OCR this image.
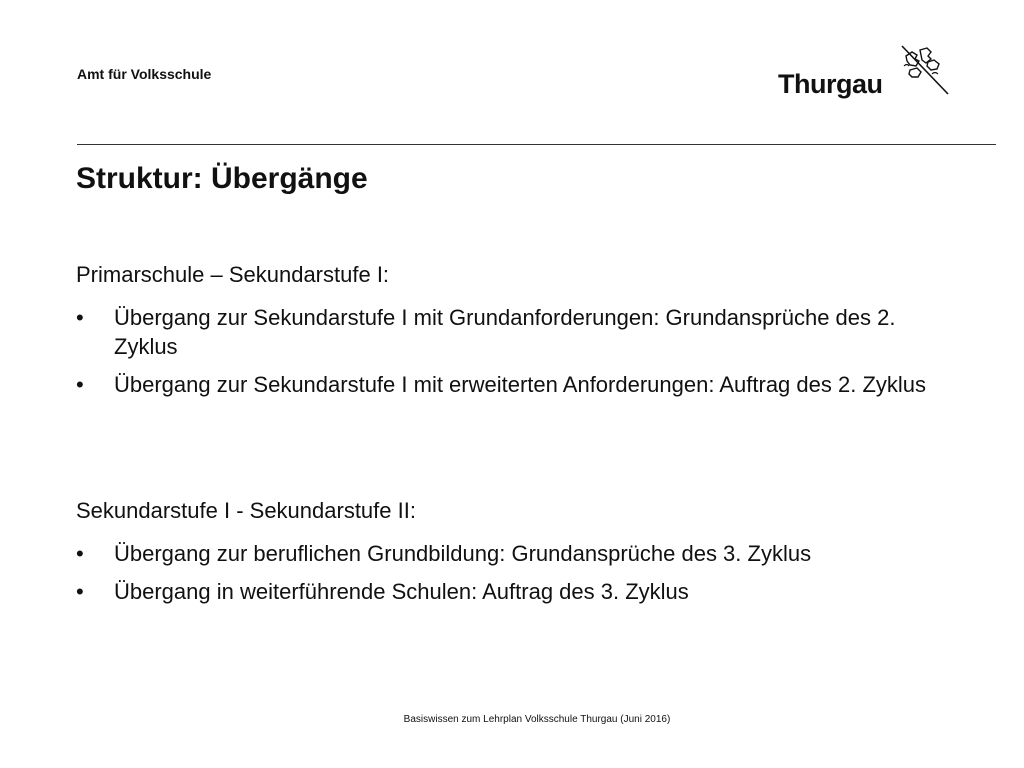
Amt für Volksschule	Thurgau
Struktur: Übergänge
Primarschule – Sekundarstufe I:
• Übergang zur Sekundarstufe I mit Grundanforderungen: Grundansprüche des 2. Zyklus
• Übergang zur Sekundarstufe I mit erweiterten Anforderungen: Auftrag des 2. Zyklus
Sekundarstufe I - Sekundarstufe II:
• Übergang zur beruflichen Grundbildung: Grundansprüche des 3. Zyklus
• Übergang in weiterführende Schulen: Auftrag des 3. Zyklus
Basiswissen zum Lehrplan Volksschule Thurgau (Juni 2016)
